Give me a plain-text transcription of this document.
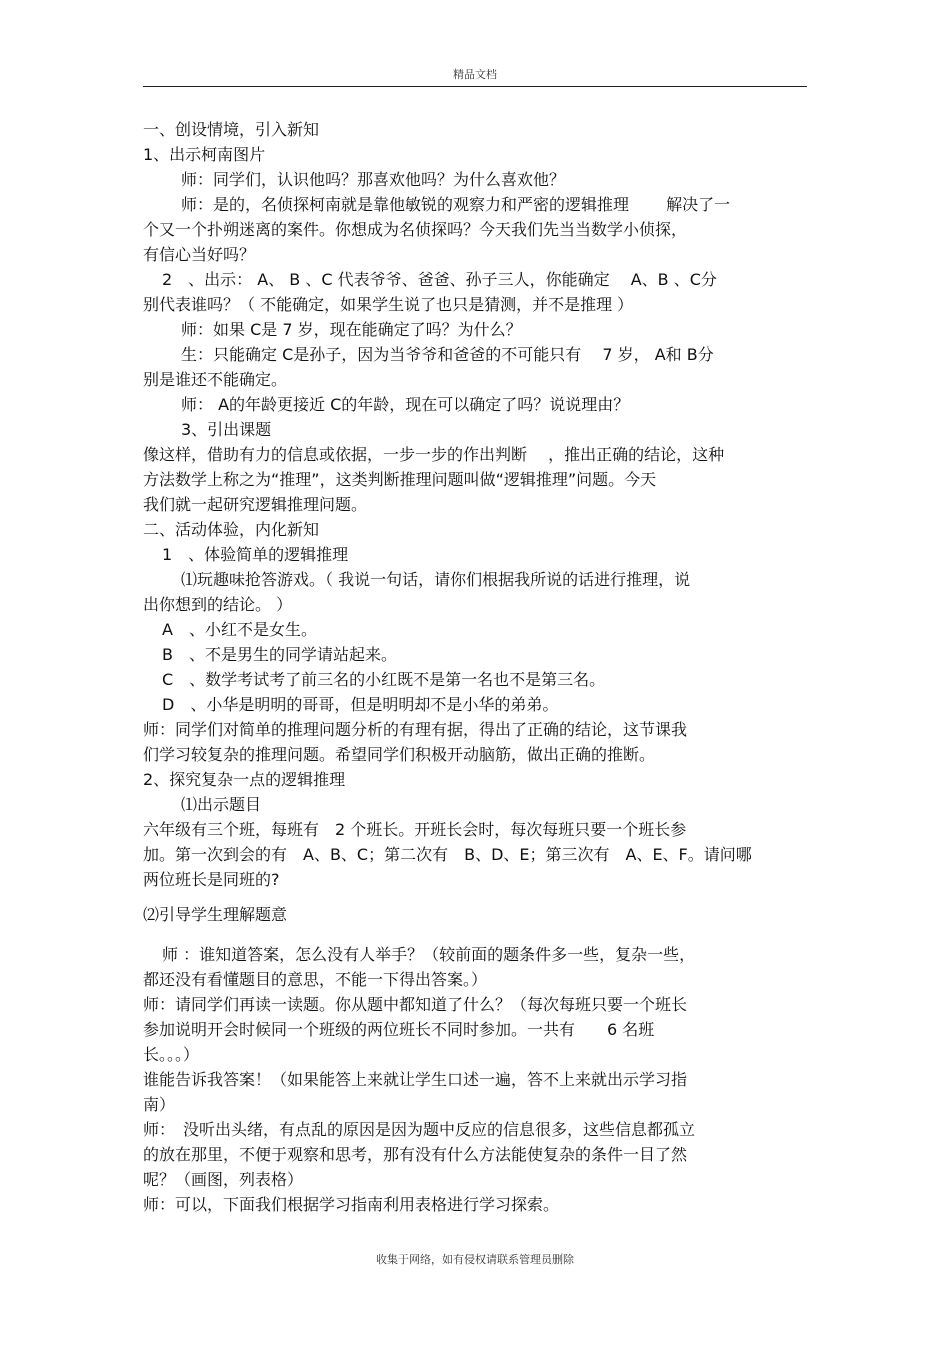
精品文档
一、创设情境，引入新知
1、出示柯南图片
师：同学们，认识他吗？那喜欢他吗？为什么喜欢他？
师：是的，名侦探柯南就是靠他敏锐的观察力和严密的逻辑推理　　 解决了一
个又一个扑朔迷离的案件。你想成为名侦探吗？今天我们先当当数学小侦探，
有信心当好吗？
2　、出示： A、 B 、C 代表爷爷、爸爸、孙子三人，你能确定　 A、B 、C分
别代表谁吗？（ 不能确定，如果学生说了也只是猜测，并不是推理 ）
师：如果 C是 7 岁，现在能确定了吗？为什么？
生：只能确定 C是孙子，因为当爷爷和爸爸的不可能只有　 7 岁， A和 B分
别是谁还不能确定。
师： A的年龄更接近 C的年龄，现在可以确定了吗？说说理由？
3、引出课题
像这样，借助有力的信息或依据，一步一步的作出判断　 ，推出正确的结论，这种
方法数学上称之为“推理”，这类判断推理问题叫做“逻辑推理”问题。今天
我们就一起研究逻辑推理问题。
二、活动体验，内化新知
1　、体验简单的逻辑推理
⑴玩趣味抢答游戏。（ 我说一句话，请你们根据我所说的话进行推理，说
出你想到的结论。 ）
A　、小红不是女生。
B　、不是男生的同学请站起来。
C　、数学考试考了前三名的小红既不是第一名也不是第三名。
D　、小华是明明的哥哥，但是明明却不是小华的弟弟。
师：同学们对简单的推理问题分析的有理有据，得出了正确的结论，这节课我
们学习较复杂的推理问题。希望同学们积极开动脑筋，做出正确的推断。
2、探究复杂一点的逻辑推理
⑴出示题目
六年级有三个班，每班有　2 个班长。开班长会时，每次每班只要一个班长参
加。第一次到会的有　A、B、C；第二次有　B、D、E；第三次有　A、E、F。请问哪
两位班长是同班的?
⑵引导学生理解题意
师 ：谁知道答案，怎么没有人举手？（较前面的题条件多一些，复杂一些，
都还没有看懂题目的意思，不能一下得出答案。）
师：请同学们再读一读题。你从题中都知道了什么？（每次每班只要一个班长
参加说明开会时候同一个班级的两位班长不同时参加。一共有　　6 名班
长。。。）
谁能告诉我答案！（如果能答上来就让学生口述一遍，答不上来就出示学习指
南）
师：　没听出头绪，有点乱的原因是因为题中反应的信息很多，这些信息都孤立
的放在那里，不便于观察和思考，那有没有什么方法能使复杂的条件一目了然
呢？（画图，列表格）
师：可以，下面我们根据学习指南利用表格进行学习探索。
收集于网络，如有侵权请联系管理员删除
